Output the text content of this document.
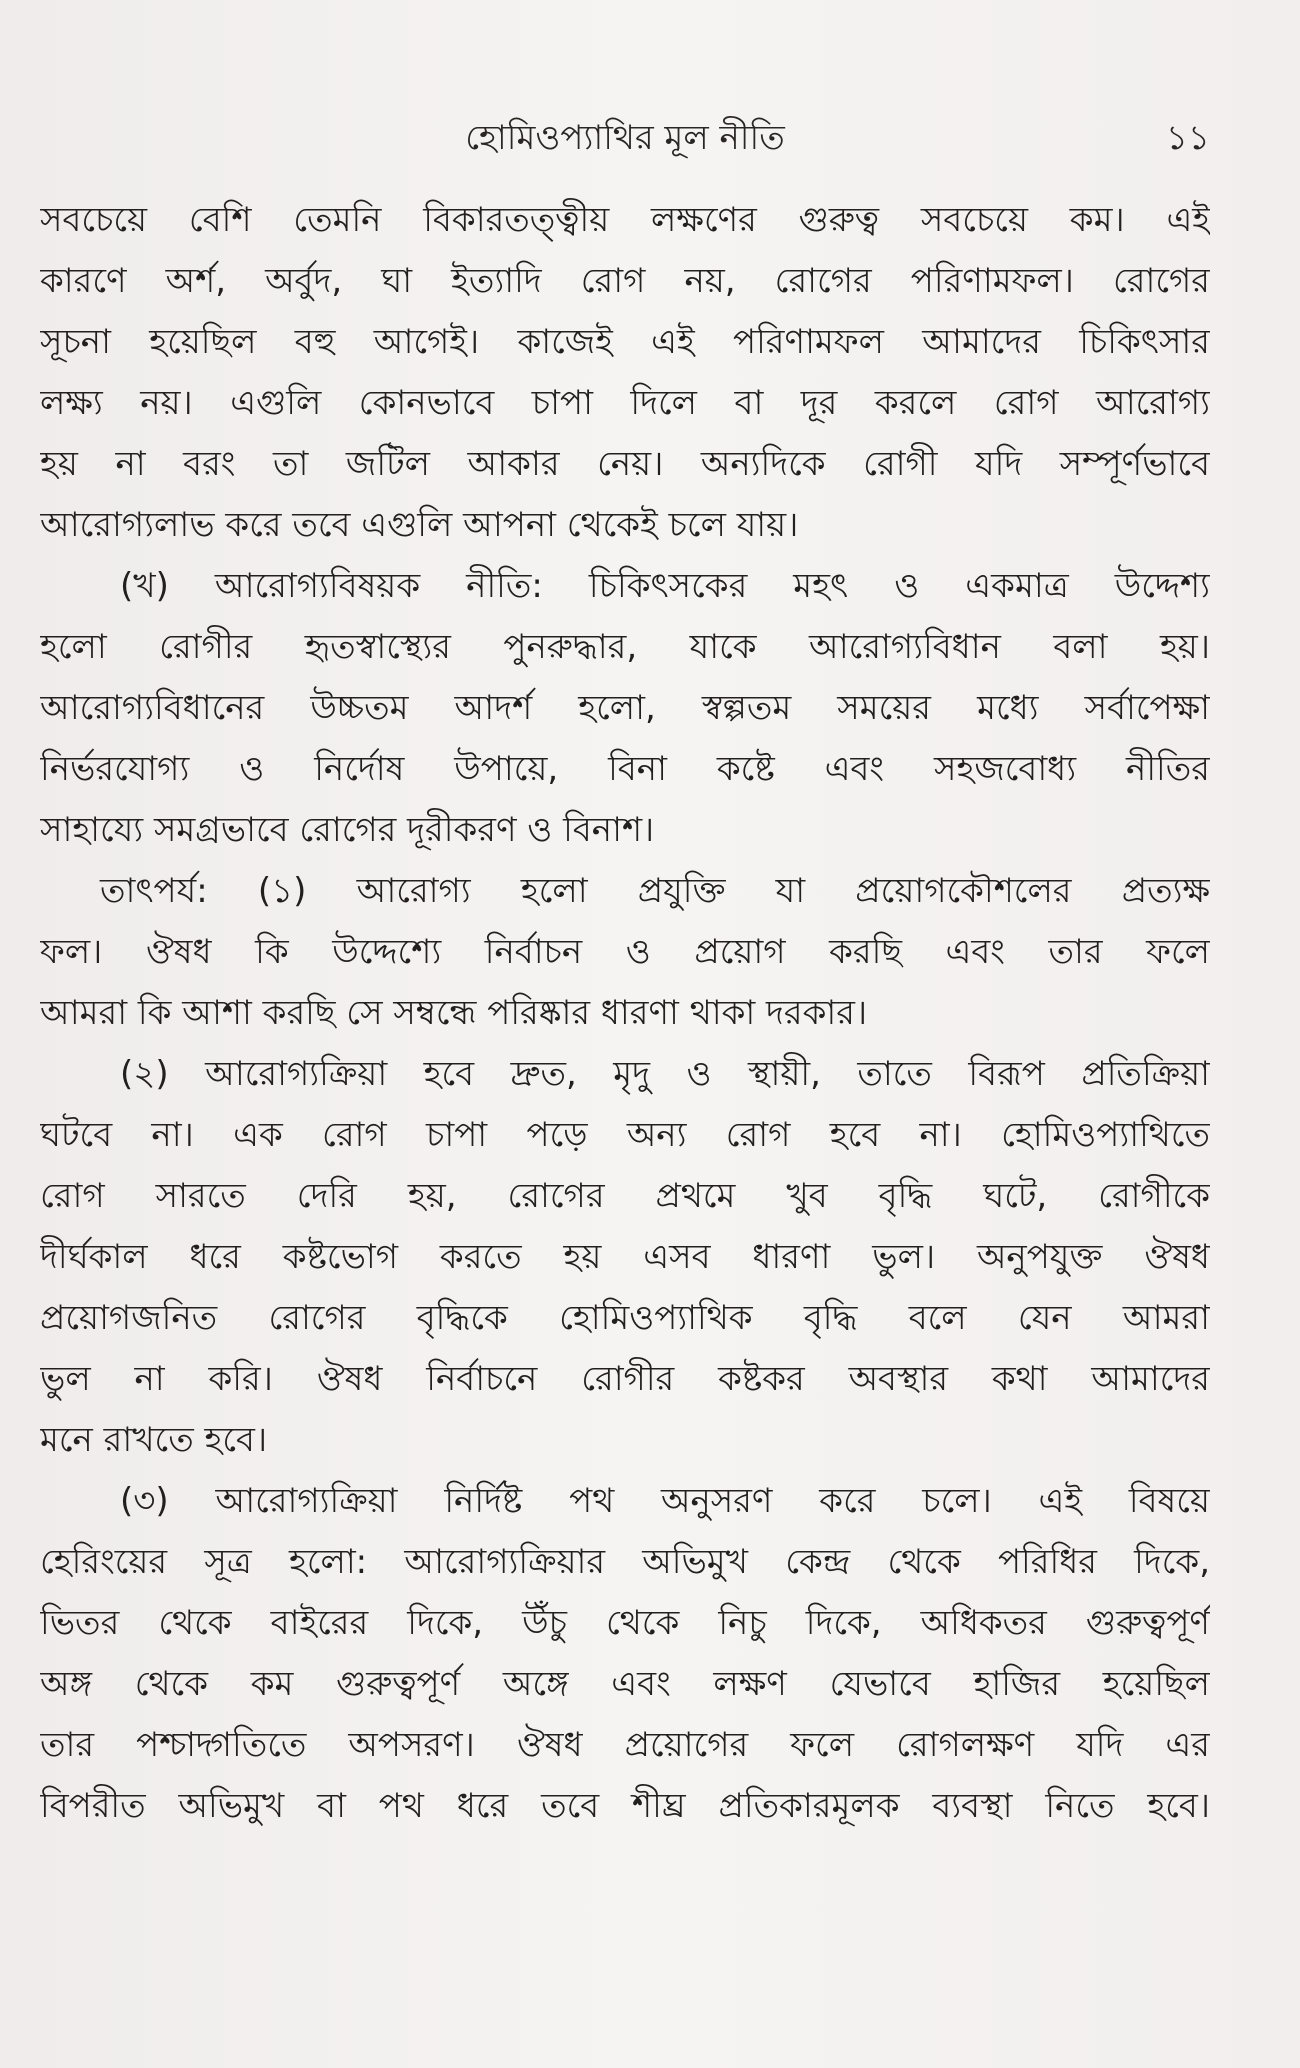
হোমিওপ্যাথির মূল নীতি	১১
সবচেয়ে বেশি তেমনি বিকারতত্ত্বীয় লক্ষণের গুরুত্ব সবচেয়ে কম। এই
কারণে অর্শ, অর্বুদ, ঘা ইত্যাদি রোগ নয়, রোগের পরিণামফল। রোগের
সূচনা হয়েছিল বহু আগেই। কাজেই এই পরিণামফল আমাদের চিকিৎসার
লক্ষ্য নয়। এগুলি কোনভাবে চাপা দিলে বা দূর করলে রোগ আরোগ্য
হয় না বরং তা জটিল আকার নেয়। অন্যদিকে রোগী যদি সম্পূর্ণভাবে
আরোগ্যলাভ করে তবে এগুলি আপনা থেকেই চলে যায়।
(খ) আরোগ্যবিষয়ক নীতি: চিকিৎসকের মহৎ ও একমাত্র উদ্দেশ্য
হলো রোগীর হৃতস্বাস্থ্যের পুনরুদ্ধার, যাকে আরোগ্যবিধান বলা হয়।
আরোগ্যবিধানের উচ্চতম আদর্শ হলো, স্বল্পতম সময়ের মধ্যে সর্বাপেক্ষা
নির্ভরযোগ্য ও নির্দোষ উপায়ে, বিনা কষ্টে এবং সহজবোধ্য নীতির
সাহায্যে সমগ্রভাবে রোগের দূরীকরণ ও বিনাশ।
তাৎপর্য: (১) আরোগ্য হলো প্রযুক্তি যা প্রয়োগকৌশলের প্রত্যক্ষ
ফল। ঔষধ কি উদ্দেশ্যে নির্বাচন ও প্রয়োগ করছি এবং তার ফলে
আমরা কি আশা করছি সে সম্বন্ধে পরিষ্কার ধারণা থাকা দরকার।
(২) আরোগ্যক্রিয়া হবে দ্রুত, মৃদু ও স্থায়ী, তাতে বিরূপ প্রতিক্রিয়া
ঘটবে না। এক রোগ চাপা পড়ে অন্য রোগ হবে না। হোমিওপ্যাথিতে
রোগ সারতে দেরি হয়, রোগের প্রথমে খুব বৃদ্ধি ঘটে, রোগীকে
দীর্ঘকাল ধরে কষ্টভোগ করতে হয় এসব ধারণা ভুল। অনুপযুক্ত ঔষধ
প্রয়োগজনিত রোগের বৃদ্ধিকে হোমিওপ্যাথিক বৃদ্ধি বলে যেন আমরা
ভুল না করি। ঔষধ নির্বাচনে রোগীর কষ্টকর অবস্থার কথা আমাদের
মনে রাখতে হবে।
(৩) আরোগ্যক্রিয়া নির্দিষ্ট পথ অনুসরণ করে চলে। এই বিষয়ে
হেরিংয়ের সূত্র হলো: আরোগ্যক্রিয়ার অভিমুখ কেন্দ্র থেকে পরিধির দিকে,
ভিতর থেকে বাইরের দিকে, উঁচু থেকে নিচু দিকে, অধিকতর গুরুত্বপূর্ণ
অঙ্গ থেকে কম গুরুত্বপূর্ণ অঙ্গে এবং লক্ষণ যেভাবে হাজির হয়েছিল
তার পশ্চাদ্গতিতে অপসরণ। ঔষধ প্রয়োগের ফলে রোগলক্ষণ যদি এর
বিপরীত অভিমুখ বা পথ ধরে তবে শীঘ্র প্রতিকারমূলক ব্যবস্থা নিতে হবে।
